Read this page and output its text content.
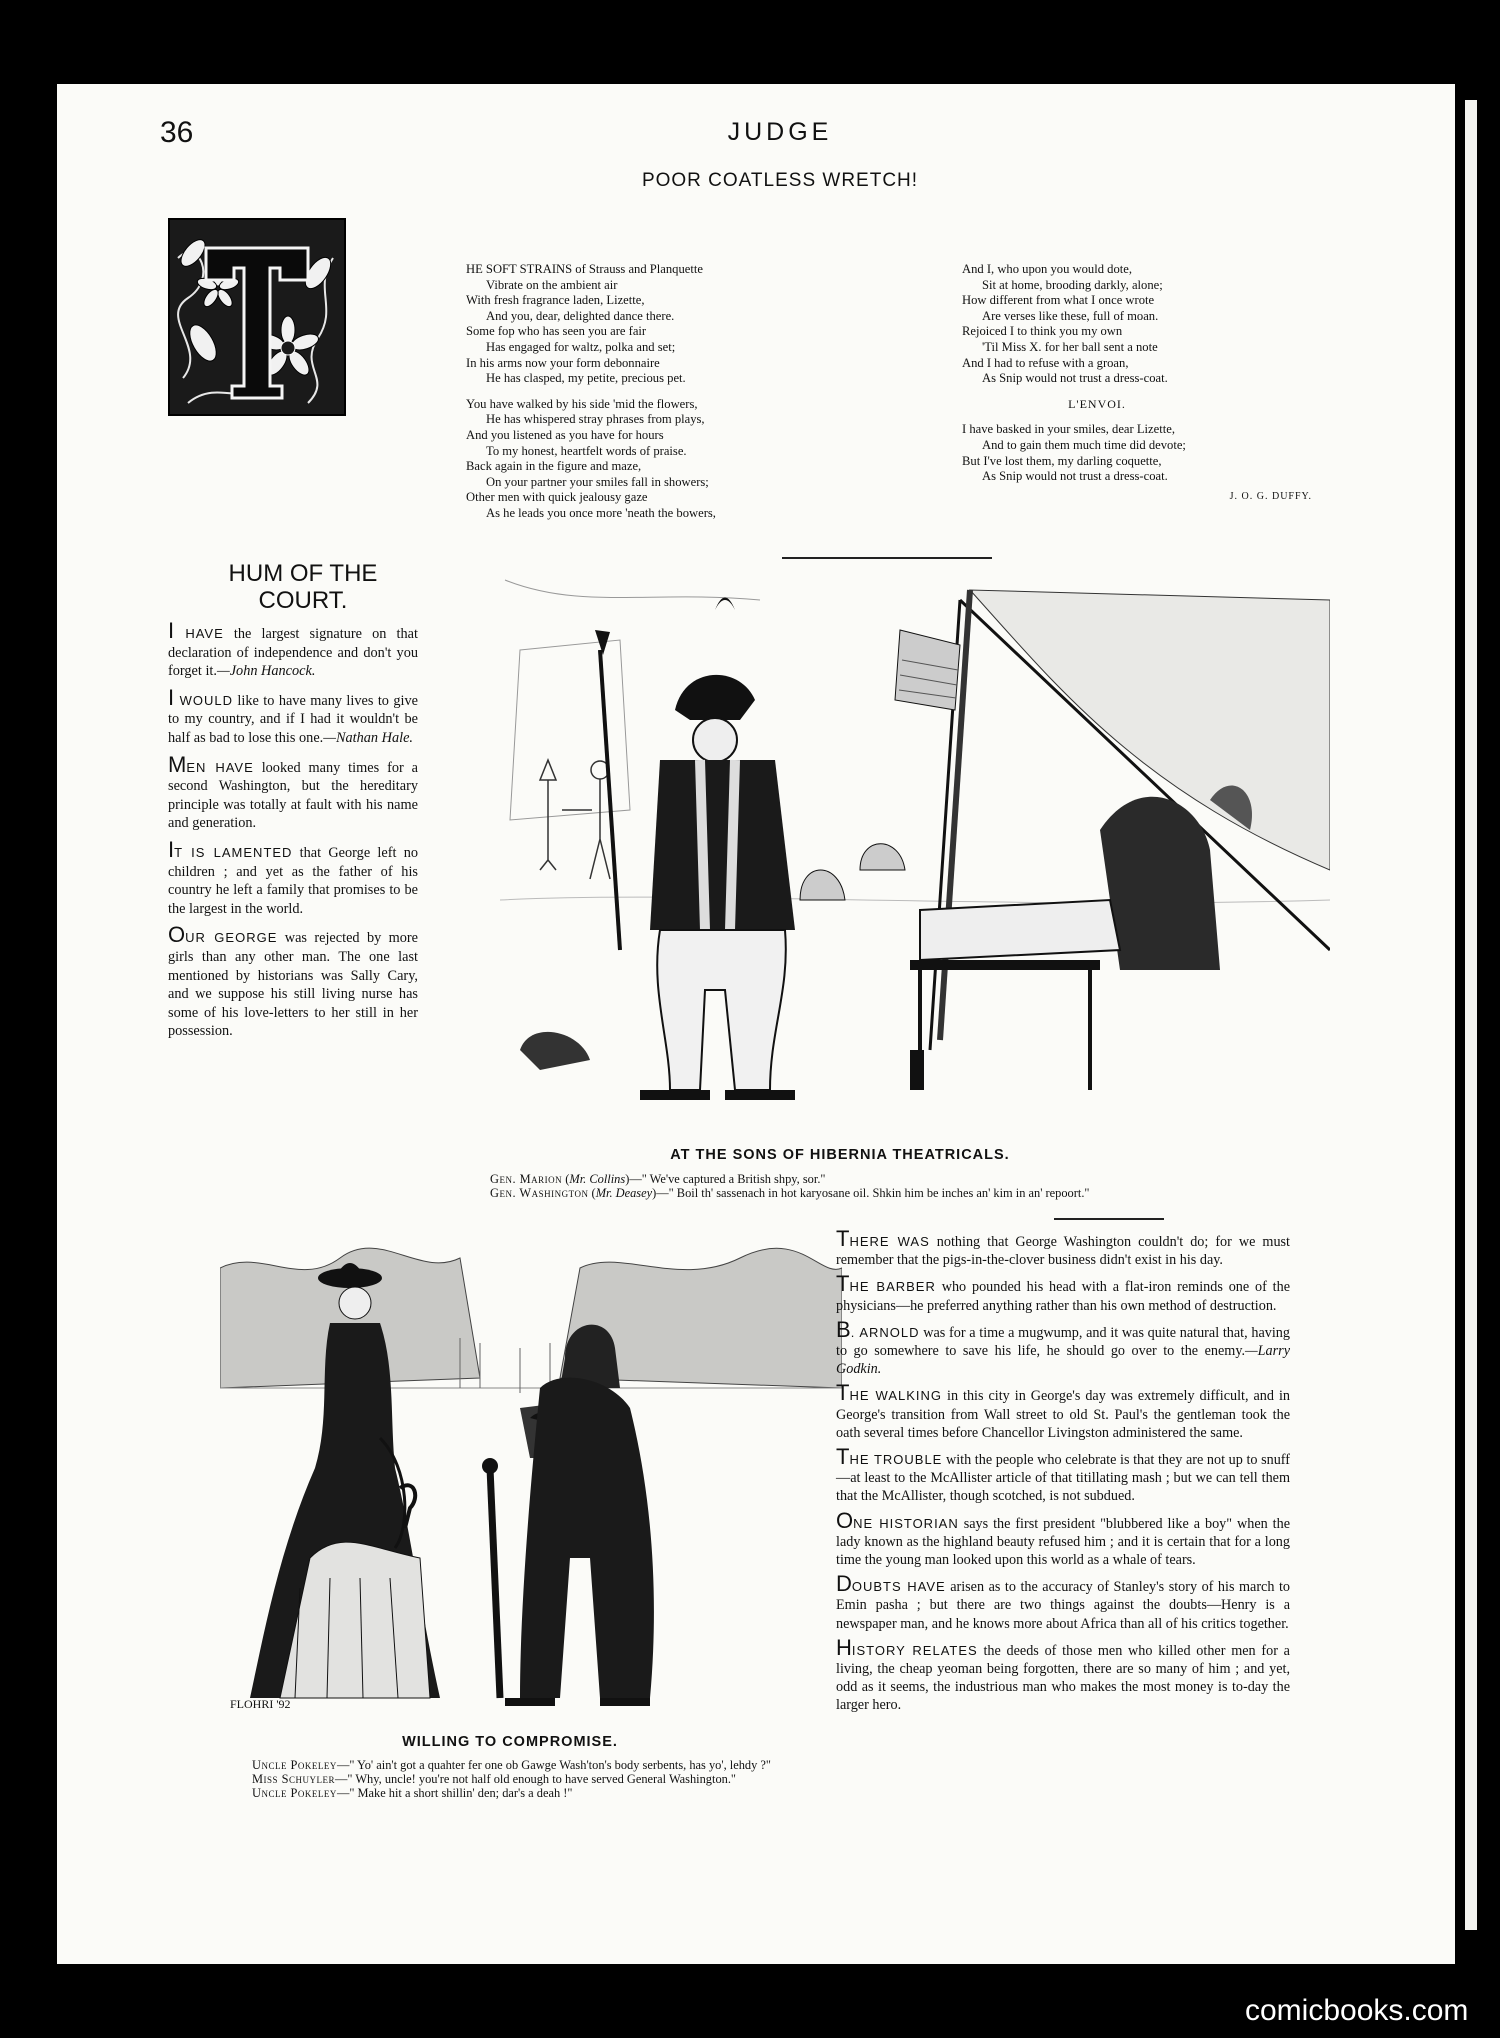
36	JUDGE
POOR COATLESS WRETCH!
HE SOFT STRAINS of Strauss and Planquette
Vibrate on the ambient air
With fresh fragrance laden, Lizette,
And you, dear, delighted dance there.
Some fop who has seen you are fair
Has engaged for waltz, polka and set;
In his arms now your form debonnaire
He has clasped, my petite, precious pet.
You have walked by his side 'mid the flowers,
He has whispered stray phrases from plays,
And you listened as you have for hours
To my honest, heartfelt words of praise.
Back again in the figure and maze,
On your partner your smiles fall in showers;
Other men with quick jealousy gaze
As he leads you once more 'neath the bowers,
And I, who upon you would dote,
Sit at home, brooding darkly, alone;
How different from what I once wrote
Are verses like these, full of moan.
Rejoiced I to think you my own
'Til Miss X. for her ball sent a note
And I had to refuse with a groan,
As Snip would not trust a dress-coat.
L'ENVOI.
I have basked in your smiles, dear Lizette,
And to gain them much time did devote;
But I've lost them, my darling coquette,
As Snip would not trust a dress-coat.
J. O. G. DUFFY.
HUM OF THE COURT.

I HAVE the largest signature on that declaration of independence and don't you forget it.—John Hancock.

I WOULD like to have many lives to give to my country, and if I had it wouldn't be half as bad to lose this one.—Nathan Hale.

MEN HAVE looked many times for a second Washington, but the hereditary principle was totally at fault with his name and generation.

IT IS LAMENTED that George left no children ; and yet as the father of his country he left a family that promises to be the largest in the world.

OUR GEORGE was rejected by more girls than any other man. The one last mentioned by historians was Sally Cary, and we suppose his still living nurse has some of his love-letters to her still in her possession.

AT THE SONS OF HIBERNIA THEATRICALS.
Gen. Marion (Mr. Collins)—" We've captured a British shpy, sor."
Gen. Washington (Mr. Deasey)—" Boil th' sassenach in hot karyosane oil. Shkin him be inches an' kim in an' repoort."
FLOHRI '92
WILLING TO COMPROMISE.
Uncle Pokeley—" Yo' ain't got a quahter fer one ob Gawge Wash'ton's body serbents, has yo', lehdy ?"
Miss Schuyler—" Why, uncle! you're not half old enough to have served General Washington."
Uncle Pokeley—" Make hit a short shillin' den; dar's a deah !"

THERE WAS nothing that George Washington couldn't do; for we must remember that the pigs-in-the-clover business didn't exist in his day.

THE BARBER who pounded his head with a flat-iron reminds one of the physicians—he preferred anything rather than his own method of destruction.

B. ARNOLD was for a time a mugwump, and it was quite natural that, having to go somewhere to save his life, he should go over to the enemy.—Larry Godkin.

THE WALKING in this city in George's day was extremely difficult, and in George's transition from Wall street to old St. Paul's the gentleman took the oath several times before Chancellor Livingston administered the same.

THE TROUBLE with the people who celebrate is that they are not up to snuff—at least to the McAllister article of that titillating mash ; but we can tell them that the McAllister, though scotched, is not subdued.

ONE HISTORIAN says the first president "blubbered like a boy" when the lady known as the highland beauty refused him ; and it is certain that for a long time the young man looked upon this world as a whale of tears.

DOUBTS HAVE arisen as to the accuracy of Stanley's story of his march to Emin pasha ; but there are two things against the doubts—Henry is a newspaper man, and he knows more about Africa than all of his critics together.

HISTORY RELATES the deeds of those men who killed other men for a living, the cheap yeoman being forgotten, there are so many of him ; and yet, odd as it seems, the industrious man who makes the most money is to-day the larger hero.

comicbooks.com
